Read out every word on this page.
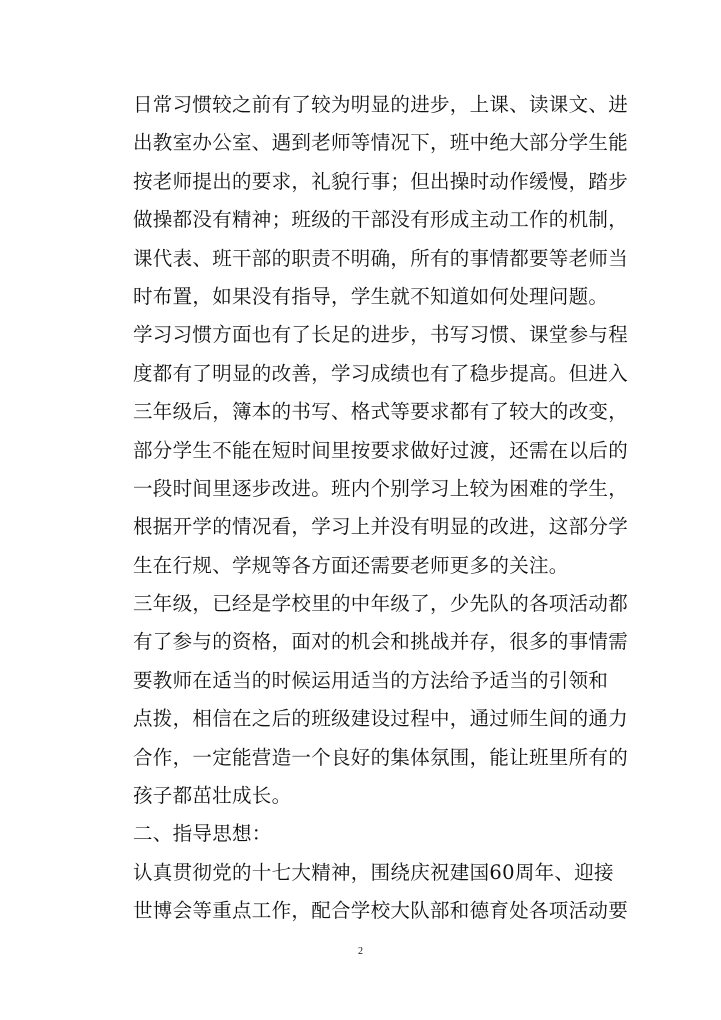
日常习惯较之前有了较为明显的进步，上课、读课文、进
出教室办公室、遇到老师等情况下，班中绝大部分学生能
按老师提出的要求，礼貌行事；但出操时动作缓慢，踏步
做操都没有精神；班级的干部没有形成主动工作的机制，
课代表、班干部的职责不明确，所有的事情都要等老师当
时布置，如果没有指导，学生就不知道如何处理问题。
学习习惯方面也有了长足的进步，书写习惯、课堂参与程
度都有了明显的改善，学习成绩也有了稳步提高。但进入
三年级后，簿本的书写、格式等要求都有了较大的改变，
部分学生不能在短时间里按要求做好过渡，还需在以后的
一段时间里逐步改进。班内个别学习上较为困难的学生，
根据开学的情况看，学习上并没有明显的改进，这部分学
生在行规、学规等各方面还需要老师更多的关注。
三年级，已经是学校里的中年级了，少先队的各项活动都
有了参与的资格，面对的机会和挑战并存，很多的事情需
要教师在适当的时候运用适当的方法给予适当的引领和
点拨，相信在之后的班级建设过程中，通过师生间的通力
合作，一定能营造一个良好的集体氛围，能让班里所有的
孩子都茁壮成长。
二、指导思想：
认真贯彻党的十七大精神，围绕庆祝建国60周年、迎接
世博会等重点工作，配合学校大队部和德育处各项活动要
2
